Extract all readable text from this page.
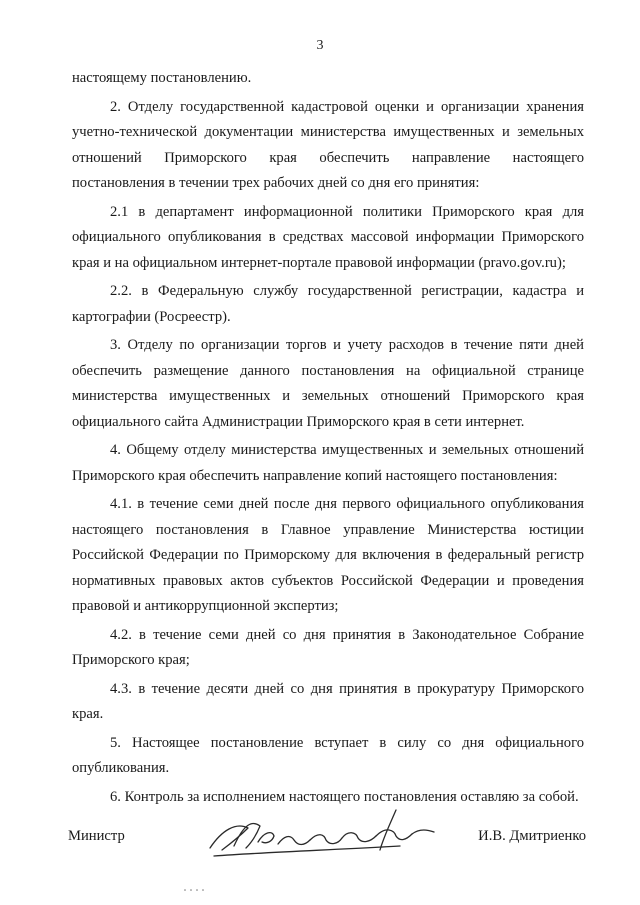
3

настоящему постановлению.

2. Отделу государственной кадастровой оценки и организации хранения учетно-технической документации министерства имущественных и земельных отношений Приморского края обеспечить направление настоящего постановления в течении трех рабочих дней со дня его принятия:

2.1 в департамент информационной политики Приморского края для официального опубликования в средствах массовой информации Приморского края и на официальном интернет-портале правовой информации (pravo.gov.ru);

2.2. в Федеральную службу государственной регистрации, кадастра и картографии (Росреестр).

3. Отделу по организации торгов и учету расходов в течение пяти дней обеспечить размещение данного постановления на официальной странице министерства имущественных и земельных отношений Приморского края официального сайта Администрации Приморского края в сети интернет.

4. Общему отделу министерства имущественных и земельных отношений Приморского края обеспечить направление копий настоящего постановления:

4.1. в течение семи дней после дня первого официального опубликования настоящего постановления в Главное управление Министерства юстиции Российской Федерации по Приморскому для включения в федеральный регистр нормативных правовых актов субъектов Российской Федерации и проведения правовой и антикоррупционной экспертиз;

4.2. в течение семи дней со дня принятия в Законодательное Собрание Приморского края;

4.3. в течение десяти дней со дня принятия в прокуратуру Приморского края.

5. Настоящее постановление вступает в силу со дня официального опубликования.

6. Контроль за исполнением настоящего постановления оставляю за собой.

Министр	И.В. Дмитриенко
